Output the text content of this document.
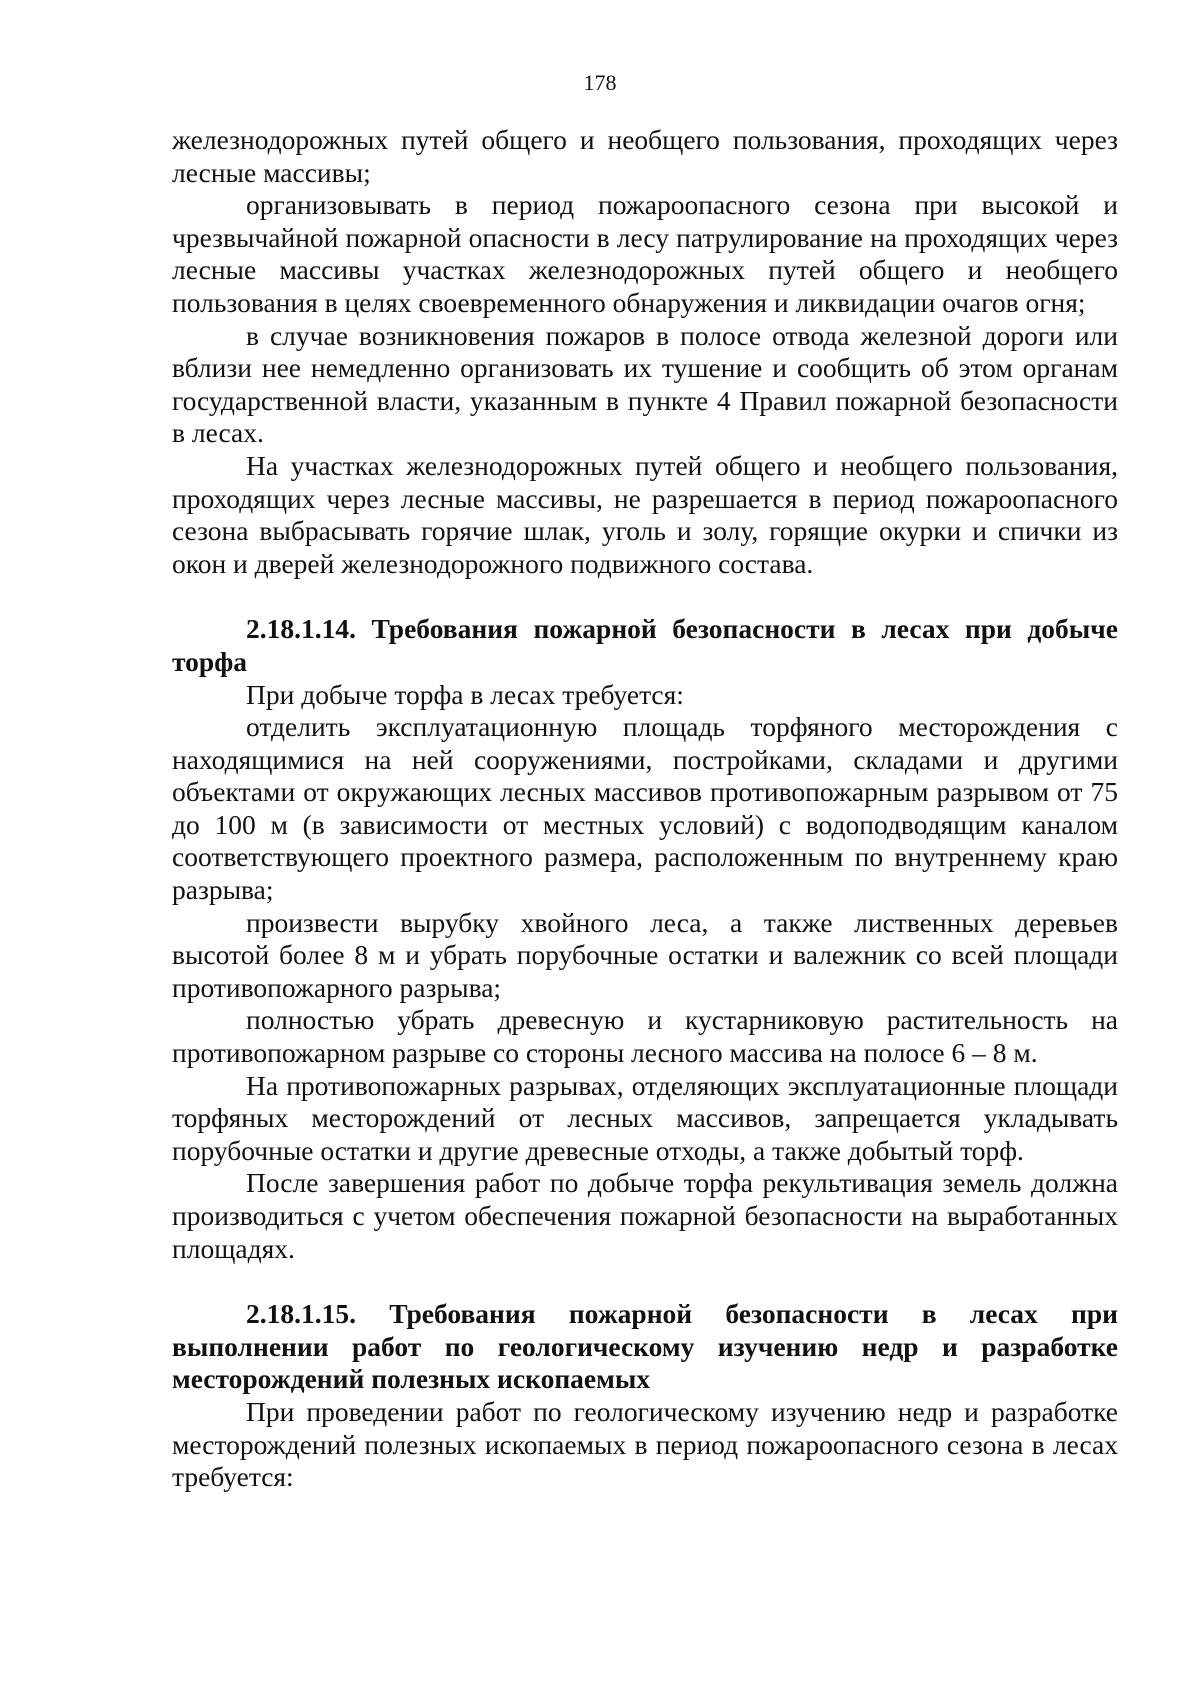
178

железнодорожных путей общего и необщего пользования, проходящих через лесные массивы;

организовывать в период пожароопасного сезона при высокой и чрезвычайной пожарной опасности в лесу патрулирование на проходящих через лесные массивы участках железнодорожных путей общего и необщего пользования в целях своевременного обнаружения и ликвидации очагов огня;

в случае возникновения пожаров в полосе отвода железной дороги или вблизи нее немедленно организовать их тушение и сообщить об этом органам государственной власти, указанным в пункте 4 Правил пожарной безопасности в лесах.

На участках железнодорожных путей общего и необщего пользования, проходящих через лесные массивы, не разрешается в период пожароопасного сезона выбрасывать горячие шлак, уголь и золу, горящие окурки и спички из окон и дверей железнодорожного подвижного состава.

2.18.1.14. Требования пожарной безопасности в лесах при добыче торфа

При добыче торфа в лесах требуется:

отделить эксплуатационную площадь торфяного месторождения с находящимися на ней сооружениями, постройками, складами и другими объектами от окружающих лесных массивов противопожарным разрывом от 75 до 100 м (в зависимости от местных условий) с водоподводящим каналом соответствующего проектного размера, расположенным по внутреннему краю разрыва;

произвести вырубку хвойного леса, а также лиственных деревьев высотой более 8 м и убрать порубочные остатки и валежник со всей площади противопожарного разрыва;

полностью убрать древесную и кустарниковую растительность на противопожарном разрыве со стороны лесного массива на полосе 6 – 8 м.

На противопожарных разрывах, отделяющих эксплуатационные площади торфяных месторождений от лесных массивов, запрещается укладывать порубочные остатки и другие древесные отходы, а также добытый торф.

После завершения работ по добыче торфа рекультивация земель должна производиться с учетом обеспечения пожарной безопасности на выработанных площадях.

2.18.1.15. Требования пожарной безопасности в лесах при выполнении работ по геологическому изучению недр и разработке месторождений полезных ископаемых

При проведении работ по геологическому изучению недр и разработке месторождений полезных ископаемых в период пожароопасного сезона в лесах требуется:
